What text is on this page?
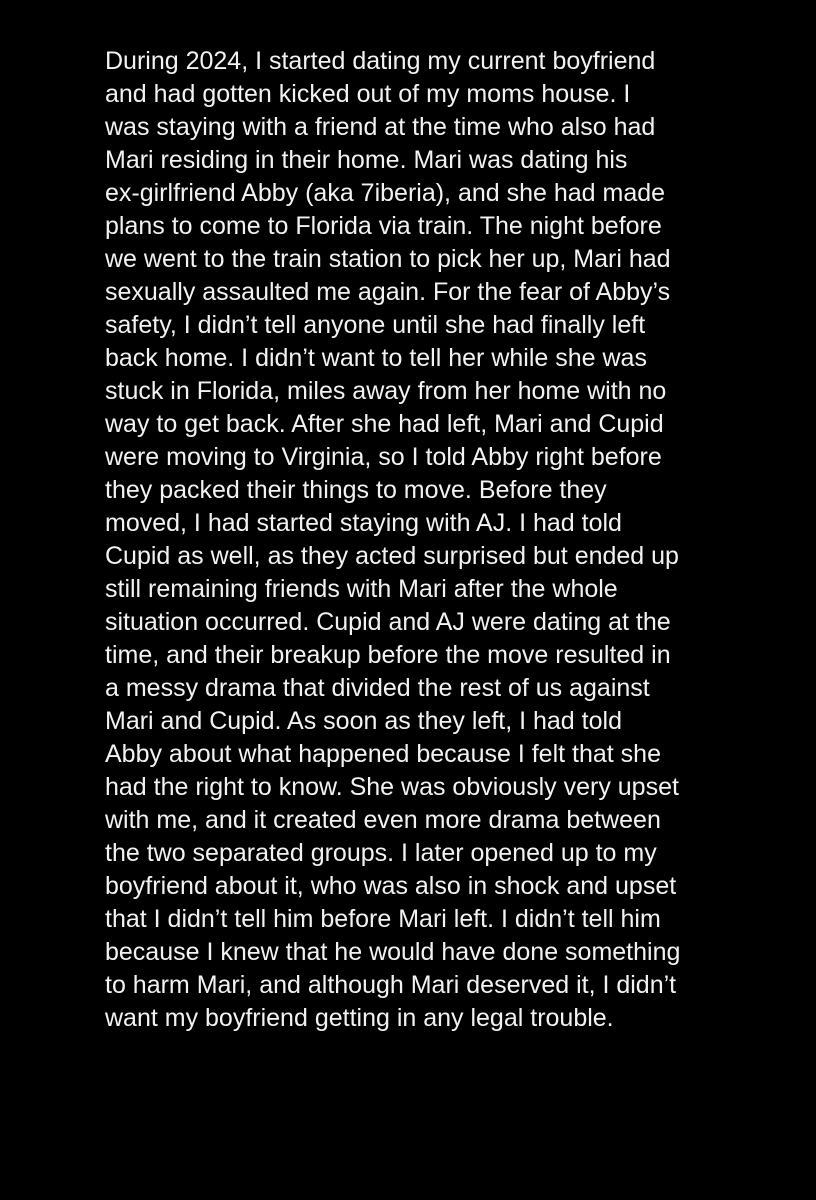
During 2024, I started dating my current boyfriend
and had gotten kicked out of my moms house. I
was staying with a friend at the time who also had
Mari residing in their home. Mari was dating his
ex-girlfriend Abby (aka 7iberia), and she had made
plans to come to Florida via train. The night before
we went to the train station to pick her up, Mari had
sexually assaulted me again. For the fear of Abby’s
safety, I didn’t tell anyone until she had finally left
back home. I didn’t want to tell her while she was
stuck in Florida, miles away from her home with no
way to get back. After she had left, Mari and Cupid
were moving to Virginia, so I told Abby right before
they packed their things to move. Before they
moved, I had started staying with AJ. I had told
Cupid as well, as they acted surprised but ended up
still remaining friends with Mari after the whole
situation occurred. Cupid and AJ were dating at the
time, and their breakup before the move resulted in
a messy drama that divided the rest of us against
Mari and Cupid. As soon as they left, I had told
Abby about what happened because I felt that she
had the right to know. She was obviously very upset
with me, and it created even more drama between
the two separated groups. I later opened up to my
boyfriend about it, who was also in shock and upset
that I didn’t tell him before Mari left. I didn’t tell him
because I knew that he would have done something
to harm Mari, and although Mari deserved it, I didn’t
want my boyfriend getting in any legal trouble.
